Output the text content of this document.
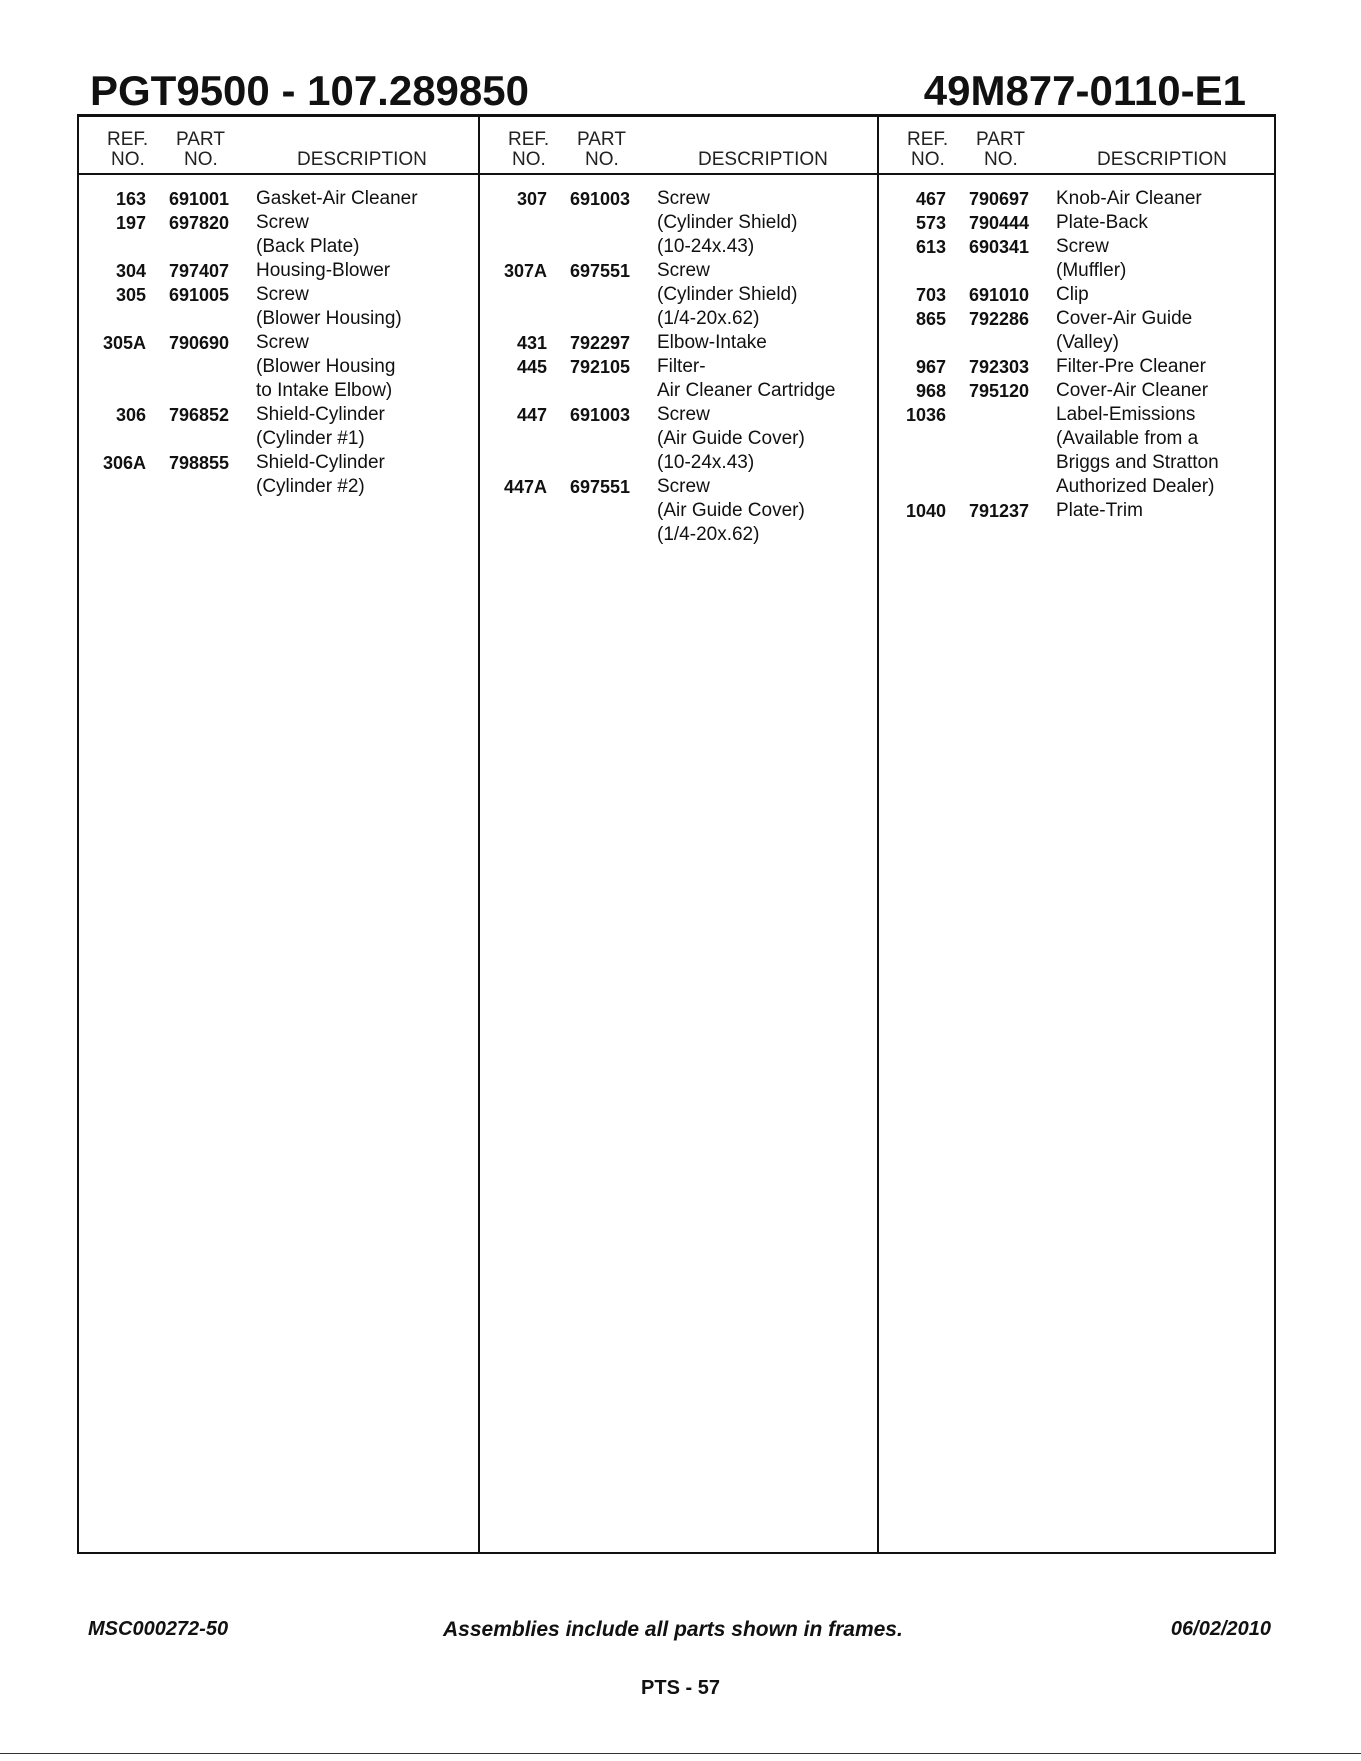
PGT9500 - 107.289850	49M877-0110-E1
REF.
NO.
PART
NO.	DESCRIPTION
163 691001	Gasket-Air Cleaner
197 697820	Screw
(Back Plate)
304 797407	Housing-Blower
305 691005	Screw
(Blower Housing)
305A 790690	Screw
(Blower Housing
to Intake Elbow)
306 796852	Shield-Cylinder
(Cylinder #1)
306A 798855	Shield-Cylinder
(Cylinder #2)
REF.
NO.
PART
NO.	DESCRIPTION
307 691003	Screw
(Cylinder Shield)
(10-24x.43)
307A 697551	Screw
(Cylinder Shield)
(1/4-20x.62)
431 792297	Elbow-Intake
445 792105	Filter-
Air Cleaner Cartridge
447 691003	Screw
(Air Guide Cover)
(10-24x.43)
447A 697551	Screw
(Air Guide Cover)
(1/4-20x.62)
REF.
NO.
PART
NO.	DESCRIPTION
467 790697	Knob-Air Cleaner
573 790444	Plate-Back
613 690341	Screw
(Muffler)
703 691010	Clip
865 792286	Cover-Air Guide
(Valley)
967 792303	Filter-Pre Cleaner
968 795120	Cover-Air Cleaner
1036	Label-Emissions
(Available from a
Briggs and Stratton
Authorized Dealer)
1040 791237	Plate-Trim
MSC000272-50	Assemblies include all parts shown in frames.	06/02/2010
PTS - 57
